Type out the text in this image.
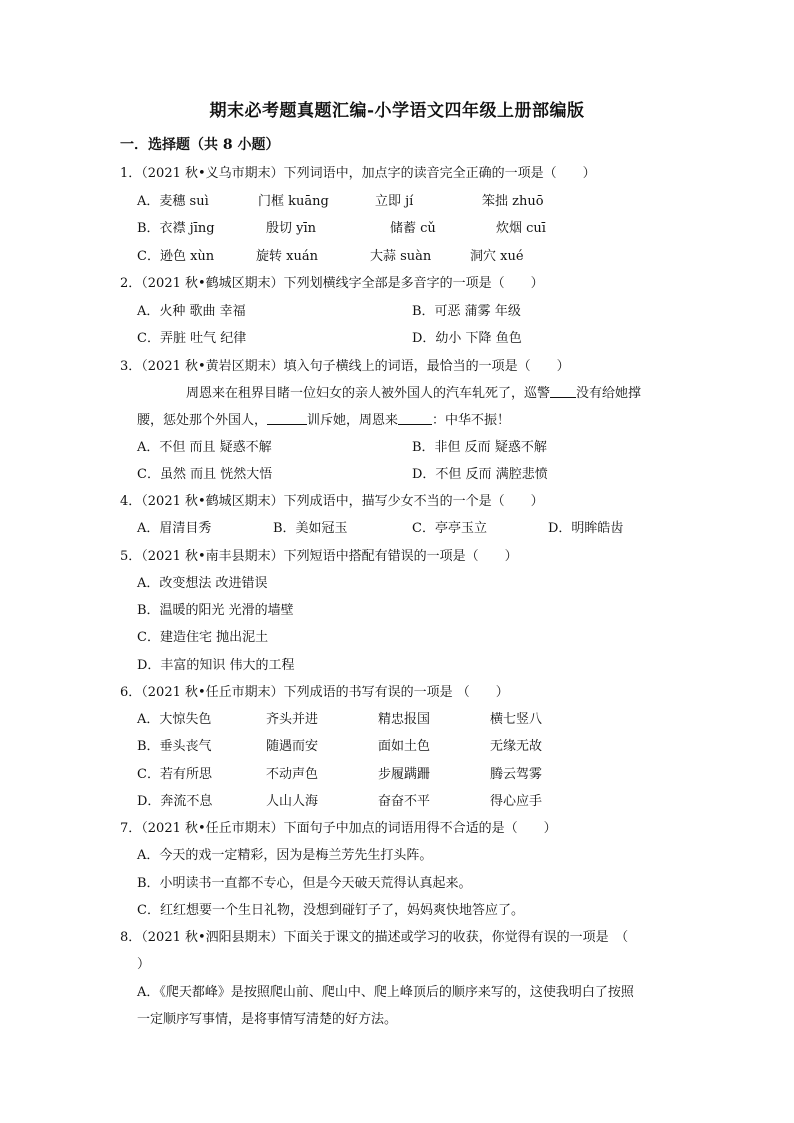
期末必考题真题汇编-小学语文四年级上册部编版
一．选择题（共 8 小题）
1．（2021 秋•义乌市期末）下列词语中，加点字的读音完全正确的一项是（　　）
A．麦穗 suì	门框 kuāng	立即 jí	笨拙 zhuō
B．衣襟 jīng	殷切 yīn	储蓄 cǔ	炊烟 cuī
C．逊色 xùn	旋转 xuán	大蒜 suàn	洞穴 xué
2．（2021 秋•鹤城区期末）下列划横线字全部是多音字的一项是（　　）
A．火种 歌曲 幸福	B．可恶 蒲雾 年级
C．弄脏 吐气 纪律	D．幼小 下降 鱼色
3．（2021 秋•黄岩区期末）填入句子横线上的词语，最恰当的一项是（　　）
周恩来在租界目睹一位妇女的亲人被外国人的汽车轧死了，巡警 没有给她撑
腰，惩处那个外国人，	训斥她，周恩来	：中华不振！
A．不但 而且 疑惑不解	B．非但 反而 疑惑不解
C．虽然 而且 恍然大悟	D．不但 反而 满腔悲愤
4．（2021 秋•鹤城区期末）下列成语中，描写少女不当的一个是（　　）
A．眉清目秀	B．美如冠玉	C．亭亭玉立	D．明眸皓齿
5．（2021 秋•南丰县期末）下列短语中搭配有错误的一项是（　　）
A．改变想法 改进错误
B．温暖的阳光 光滑的墙壁
C．建造住宅 抛出泥土
D．丰富的知识 伟大的工程
6．（2021 秋•任丘市期末）下列成语的书写有误的一项是 （　　）
A．大惊失色	齐头并进	精忠报国	横七竖八
B．垂头丧气	随遇而安	面如土色	无缘无故
C．若有所思	不动声色	步履蹒跚	腾云驾雾
D．奔流不息	人山人海	奋奋不平	得心应手
7．（2021 秋•任丘市期末）下面句子中加点的词语用得不合适的是（　　）
A．今天的戏一定精彩，因为是梅兰芳先生打头阵。
B．小明读书一直都不专心，但是今天破天荒得认真起来。
C．红红想要一个生日礼物，没想到碰钉子了，妈妈爽快地答应了。
8．（2021 秋•泗阳县期末）下面关于课文的描述或学习的收获，你觉得有误的一项是　（
）
A．《爬天都峰》是按照爬山前、爬山中、爬上峰顶后的顺序来写的，这使我明白了按照
一定顺序写事情，是将事情写清楚的好方法。
